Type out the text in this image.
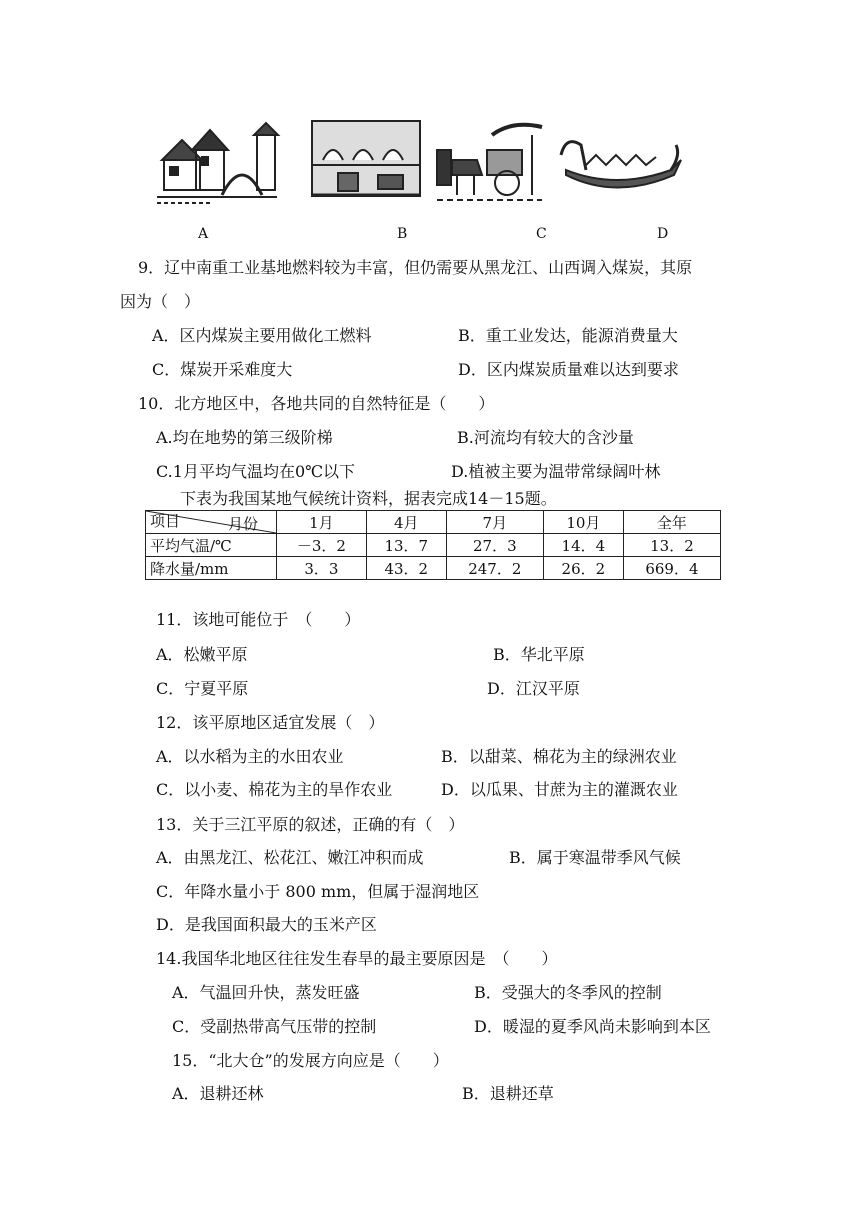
A	B	C	D
9．辽中南重工业基地燃料较为丰富，但仍需要从黑龙江、山西调入煤炭，其原
因为（　）
A．区内煤炭主要用做化工燃料	B．重工业发达，能源消费量大
C．煤炭开采难度大	D．区内煤炭质量难以达到要求
10．北方地区中，各地共同的自然特征是（　　）
A.均在地势的第三级阶梯	B.河流均有较大的含沙量
C.1月平均气温均在0℃以下	D.植被主要为温带常绿阔叶林
下表为我国某地气候统计资料，据表完成14－15题。
月份
项目	1月	4月	7月	10月	全年
平均气温/℃	－3．2	13．7	27．3	14．4	13．2
降水量/mm	3．3	43．2	247．2	26．2	669．4
11．该地可能位于　（　　）
A．松嫩平原	B．华北平原
C．宁夏平原	D．江汉平原
12．该平原地区适宜发展（　）
A．以水稻为主的水田农业	B．以甜菜、棉花为主的绿洲农业
C．以小麦、棉花为主的旱作农业	D．以瓜果、甘蔗为主的灌溉农业
13．关于三江平原的叙述，正确的有（　）
A．由黑龙江、松花江、嫩江冲积而成	B．属于寒温带季风气候
C．年降水量小于 800 mm，但属于湿润地区
D．是我国面积最大的玉米产区
14.我国华北地区往往发生春旱的最主要原因是　（　　）
A．气温回升快，蒸发旺盛	B．受强大的冬季风的控制
C．受副热带高气压带的控制	D．暖湿的夏季风尚未影响到本区
15．“北大仓”的发展方向应是（　　）
A．退耕还林	B．退耕还草
